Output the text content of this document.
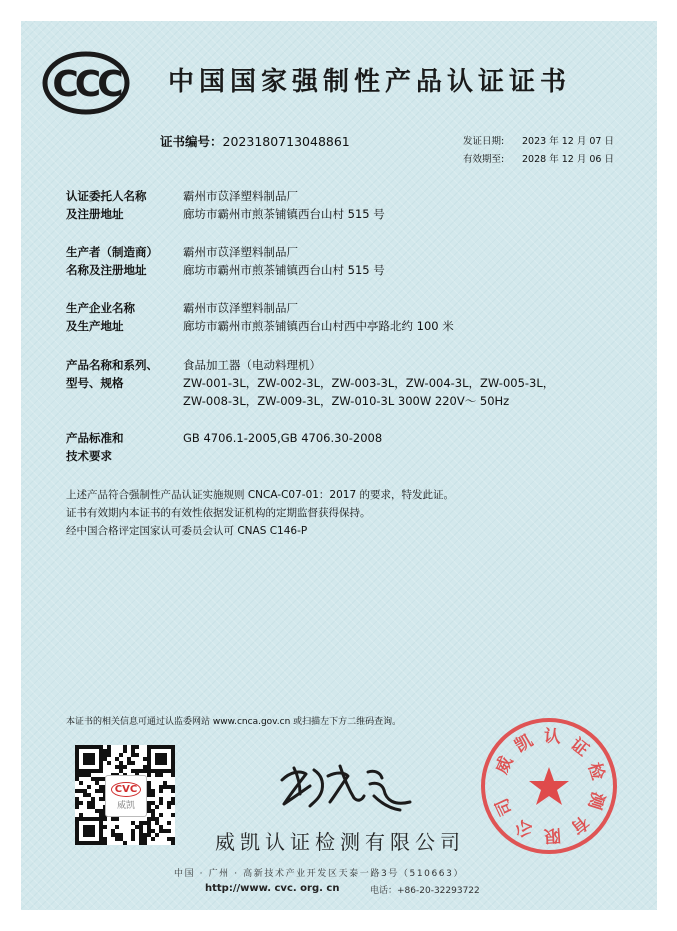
CCC 中国国家强制性产品认证证书
证书编号：2023180713048861	发证日期: 2023 年 12 月 07 日
有效期至: 2028 年 12 月 06 日
认证委托人名称
及注册地址
霸州市苡泽塑料制品厂
廊坊市霸州市煎茶铺镇西台山村 515 号
生产者（制造商）
名称及注册地址
霸州市苡泽塑料制品厂
廊坊市霸州市煎茶铺镇西台山村 515 号
生产企业名称
及生产地址
霸州市苡泽塑料制品厂
廊坊市霸州市煎茶铺镇西台山村西中亭路北约 100 米
产品名称和系列、
型号、规格
食品加工器（电动料理机）
ZW-001-3L，ZW-002-3L，ZW-003-3L，ZW-004-3L，ZW-005-3L，
ZW-008-3L，ZW-009-3L，ZW-010-3L 300W 220V～ 50Hz
产品标准和
技术要求
GB 4706.1-2005,GB 4706.30-2008
上述产品符合强制性产品认证实施规则 CNCA-C07-01：2017 的要求，特发此证。
证书有效期内本证书的有效性依据发证机构的定期监督获得保持。
经中国合格评定国家认可委员会认可 CNAS C146-P
本证书的相关信息可通过认监委网站 www.cnca.gov.cn 或扫描左下方二维码查询。
CVC
威凯
威凯认证检测有限公司
中国 · 广州 · 高新技术产业开发区天泰一路3号（510663）
http://www. cvc. org. cn	电话：+86-20-32293722
威
凯 认 证
检
测
有
限
公
司
